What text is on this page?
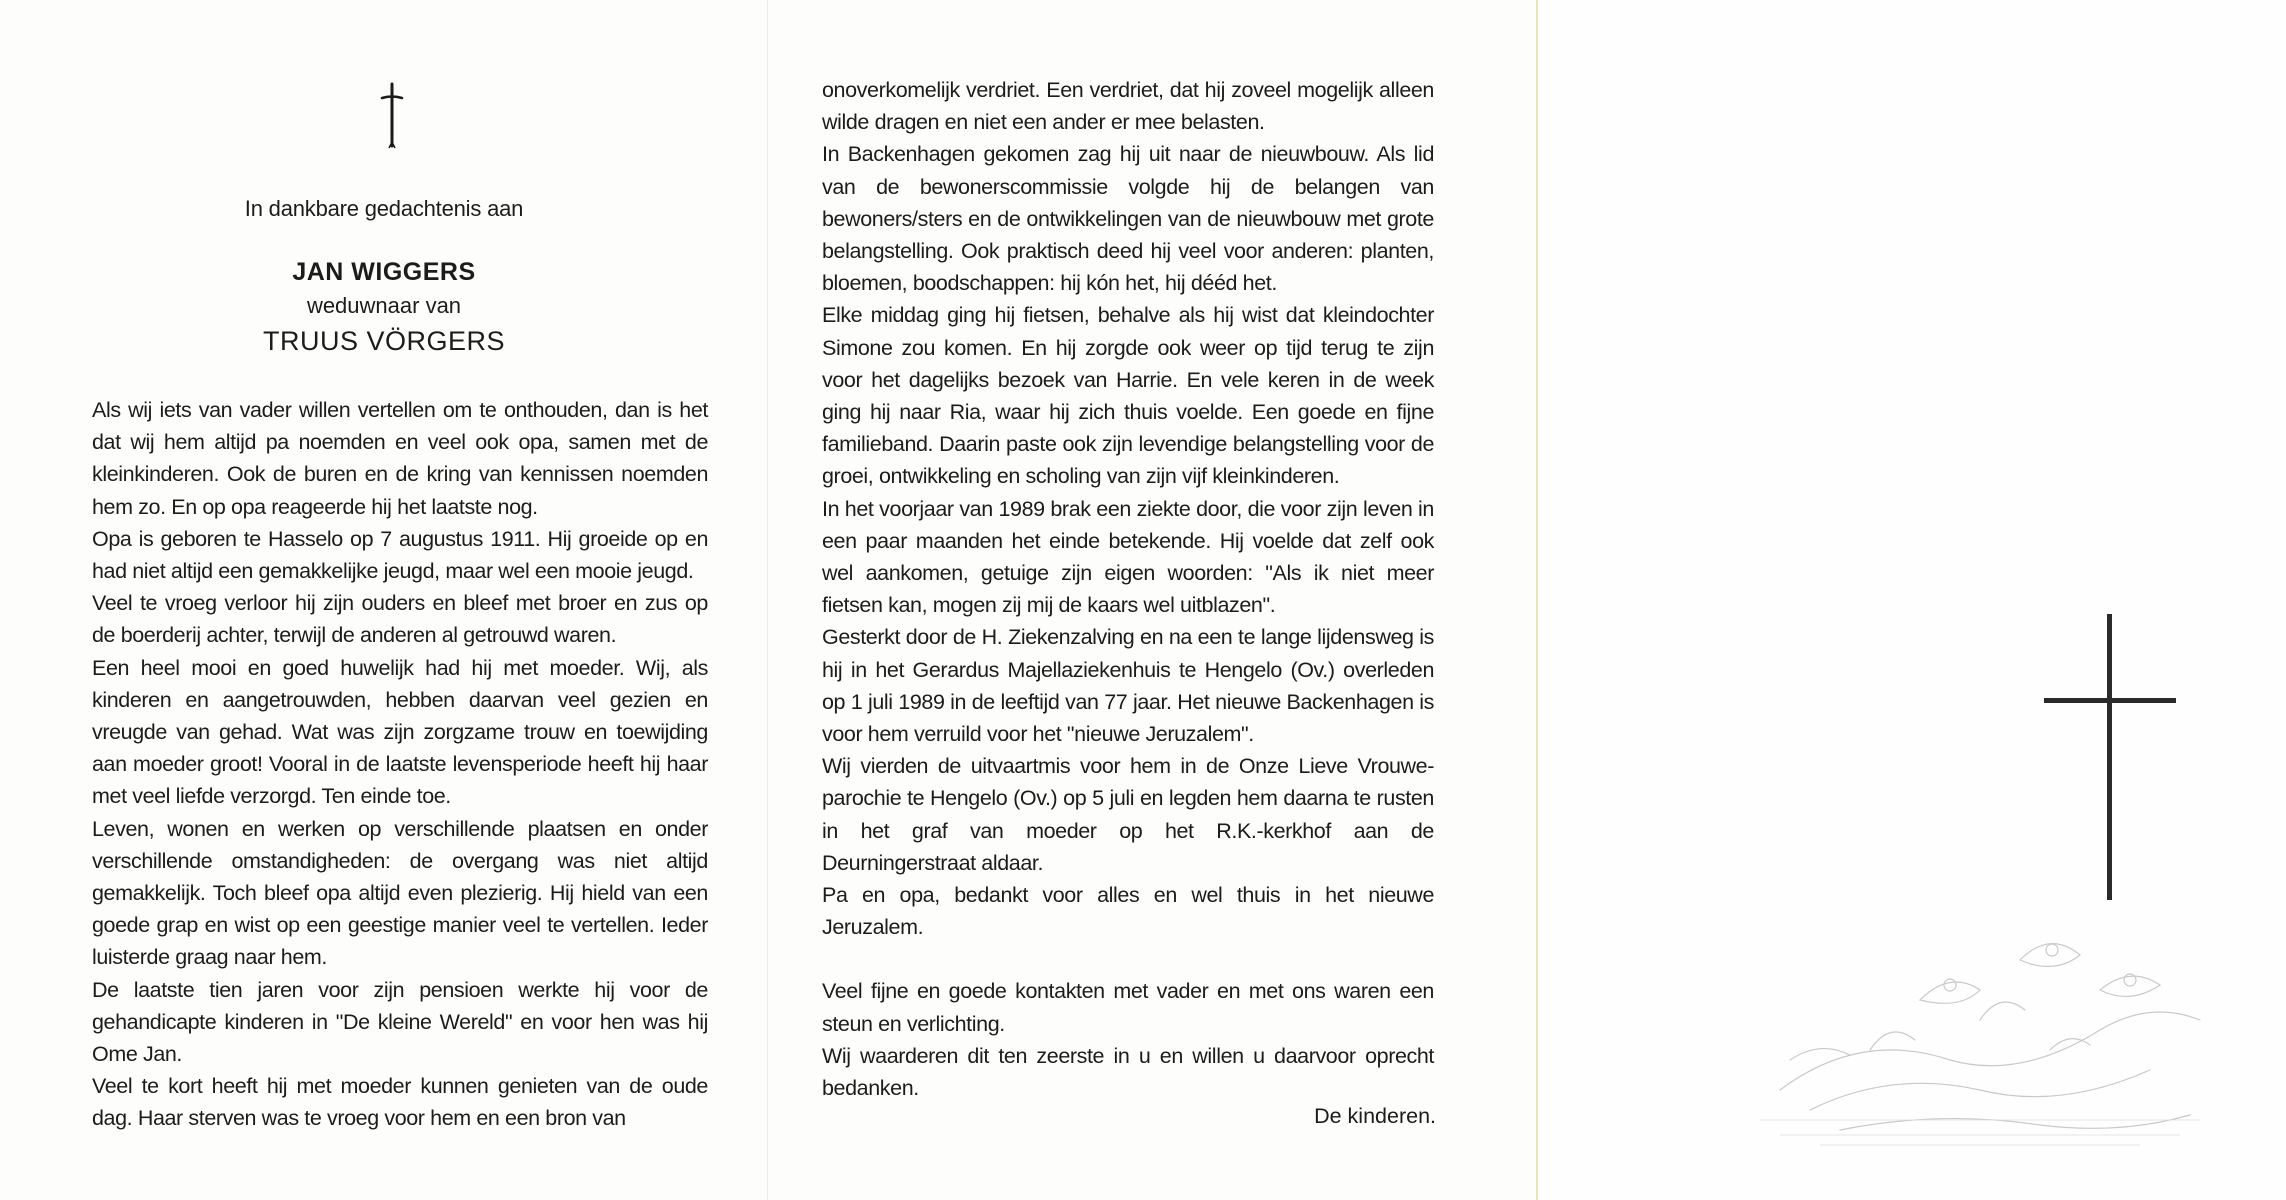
In dankbare gedachtenis aan
JAN WIGGERS
weduwnaar van
TRUUS VÖRGERS

Als wij iets van vader willen vertellen om te onthouden, dan is het dat wij hem altijd pa noemden en veel ook opa, samen met de kleinkinderen. Ook de buren en de kring van kennissen noemden hem zo. En op opa reageerde hij het laatste nog.

Opa is geboren te Hasselo op 7 augustus 1911. Hij groeide op en had niet altijd een gemakkelijke jeugd, maar wel een mooie jeugd.

Veel te vroeg verloor hij zijn ouders en bleef met broer en zus op de boerderij achter, terwijl de anderen al getrouwd waren.

Een heel mooi en goed huwelijk had hij met moeder. Wij, als kinderen en aangetrouwden, hebben daarvan veel gezien en vreugde van gehad. Wat was zijn zorgzame trouw en toewijding aan moeder groot! Vooral in de laatste levensperiode heeft hij haar met veel liefde verzorgd. Ten einde toe.

Leven, wonen en werken op verschillende plaatsen en onder verschillende omstandigheden: de overgang was niet altijd gemakkelijk. Toch bleef opa altijd even plezierig. Hij hield van een goede grap en wist op een geestige manier veel te vertellen. Ieder luisterde graag naar hem.

De laatste tien jaren voor zijn pensioen werkte hij voor de gehandicapte kinderen in "De kleine Wereld" en voor hen was hij Ome Jan.

Veel te kort heeft hij met moeder kunnen genieten van de oude dag. Haar sterven was te vroeg voor hem en een bron van

onoverkomelijk verdriet. Een verdriet, dat hij zoveel mogelijk alleen wilde dragen en niet een ander er mee belasten.

In Backenhagen gekomen zag hij uit naar de nieuwbouw. Als lid van de bewonerscommissie volgde hij de belangen van bewoners/sters en de ontwikkelingen van de nieuwbouw met grote belangstelling. Ook praktisch deed hij veel voor anderen: planten, bloemen, boodschappen: hij kón het, hij dééd het.

Elke middag ging hij fietsen, behalve als hij wist dat kleindochter Simone zou komen. En hij zorgde ook weer op tijd terug te zijn voor het dagelijks bezoek van Harrie. En vele keren in de week ging hij naar Ria, waar hij zich thuis voelde. Een goede en fijne familieband. Daarin paste ook zijn levendige belangstelling voor de groei, ontwikkeling en scholing van zijn vijf kleinkinderen.

In het voorjaar van 1989 brak een ziekte door, die voor zijn leven in een paar maanden het einde betekende. Hij voelde dat zelf ook wel aankomen, getuige zijn eigen woorden: "Als ik niet meer fietsen kan, mogen zij mij de kaars wel uitblazen".

Gesterkt door de H. Ziekenzalving en na een te lange lijdensweg is hij in het Gerardus Majellaziekenhuis te Hengelo (Ov.) overleden op 1 juli 1989 in de leeftijd van 77 jaar. Het nieuwe Backenhagen is voor hem verruild voor het "nieuwe Jeruzalem".

Wij vierden de uitvaartmis voor hem in de Onze Lieve Vrouwe-parochie te Hengelo (Ov.) op 5 juli en legden hem daarna te rusten in het graf van moeder op het R.K.-kerkhof aan de Deurningerstraat aldaar.

Pa en opa, bedankt voor alles en wel thuis in het nieuwe Jeruzalem.

Veel fijne en goede kontakten met vader en met ons waren een steun en verlichting.

Wij waarderen dit ten zeerste in u en willen u daarvoor oprecht bedanken.

De kinderen.
